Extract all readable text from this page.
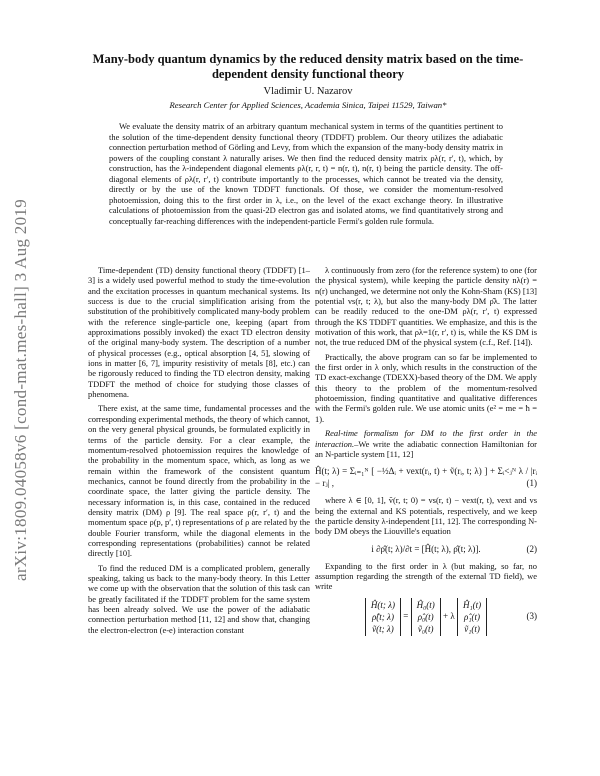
arXiv:1809.04058v6 [cond-mat.mes-hall] 3 Aug 2019
Many-body quantum dynamics by the reduced density matrix based on the time-dependent density functional theory
Vladimir U. Nazarov
Research Center for Applied Sciences, Academia Sinica, Taipei 11529, Taiwan*
We evaluate the density matrix of an arbitrary quantum mechanical system in terms of the quantities pertinent to the solution of the time-dependent density functional theory (TDDFT) problem. Our theory utilizes the adiabatic connection perturbation method of Görling and Levy, from which the expansion of the many-body density matrix in powers of the coupling constant λ naturally arises. We then find the reduced density matrix ρλ(r, r′, t), which, by construction, has the λ-independent diagonal elements ρλ(r, r, t) = n(r, t), n(r, t) being the particle density. The off-diagonal elements of ρλ(r, r′, t) contribute importantly to the processes, which cannot be treated via the density, directly or by the use of the known TDDFT functionals. Of those, we consider the momentum-resolved photoemission, doing this to the first order in λ, i.e., on the level of the exact exchange theory. In illustrative calculations of photoemission from the quasi-2D electron gas and isolated atoms, we find quantitatively strong and conceptually far-reaching differences with the independent-particle Fermi's golden rule formula.

Time-dependent (TD) density functional theory (TDDFT) [1–3] is a widely used powerful method to study the time-evolution and the excitation processes in quantum mechanical systems. Its success is due to the crucial simplification arising from the substitution of the prohibitively complicated many-body problem with the reference single-particle one, keeping (apart from approximations possibly invoked) the exact TD electron density of the original many-body system. The description of a number of physical processes (e.g., optical absorption [4, 5], slowing of ions in matter [6, 7], impurity resistivity of metals [8], etc.) can be rigorously reduced to finding the TD electron density, making TDDFT the method of choice for studying those classes of phenomena.

There exist, at the same time, fundamental processes and the corresponding experimental methods, the theory of which cannot, on the very general physical grounds, be formulated explicitly in terms of the particle density. For a clear example, the momentum-resolved photoemission requires the knowledge of the probability in the momentum space, which, as long as we remain within the framework of the consistent quantum mechanics, cannot be found directly from the probability in the coordinate space, the latter giving the particle density. The necessary information is, in this case, contained in the reduced density matrix (DM) ρ [9]. The real space ρ(r, r′, t) and the momentum space ρ(p, p′, t) representations of ρ are related by the double Fourier transform, while the diagonal elements in the corresponding representations (probabilities) cannot be related directly [10].

To find the reduced DM is a complicated problem, generally speaking, taking us back to the many-body theory. In this Letter we come up with the observation that the solution of this task can be greatly facilitated if the TDDFT problem for the same system has been already solved. We use the power of the adiabatic connection perturbation method [11, 12] and show that, changing the electron-electron (e-e) interaction constant

λ continuously from zero (for the reference system) to one (for the physical system), while keeping the particle density nλ(r) = n(r) unchanged, we determine not only the Kohn-Sham (KS) [13] potential vs(r, t; λ), but also the many-body DM ρ̂λ. The latter can be readily reduced to the one-DM ρλ(r, r′, t) expressed through the KS TDDFT quantities. We emphasize, and this is the motivation of this work, that ρλ=1(r, r′, t) is, while the KS DM is not, the true reduced DM of the physical system (c.f., Ref. [14]).

Practically, the above program can so far be implemented to the first order in λ only, which results in the construction of the TD exact-exchange (TDEXX)-based theory of the DM. We apply this theory to the problem of the momentum-resolved photoemission, finding quantitative and qualitative differences with the Fermi's golden rule. We use atomic units (e² = me = ħ = 1).

Real-time formalism for DM to the first order in the interaction.–We write the adiabatic connection Hamiltonian for an N-particle system [11, 12]

Ĥ(t; λ) = Σᵢ₌₁ᴺ [ −½Δᵢ + vext(rᵢ, t) + ṽ(rᵢ, t; λ) ] + Σᵢ<ⱼᴺ λ / |rᵢ − rⱼ| ,	(1)

where λ ∈ [0, 1], ṽ(r, t; 0) = vs(r, t) − vext(r, t), vext and vs being the external and KS potentials, respectively, and we keep the particle density λ-independent [11, 12]. The corresponding N-body DM obeys the Liouville's equation

i ∂ρ̂(t; λ)/∂t = [Ĥ(t; λ), ρ̂(t; λ)].	(2)

Expanding to the first order in λ (but making, so far, no assumption regarding the strength of the external TD field), we write

Ĥ(t; λ)
ρ̂(t; λ)
ṽ(t; λ) = Ĥ₀(t)
ρ̂₀(t)
ṽ₀(t) + λ Ĥ₁(t)
ρ̂₁(t)
ṽ₁(t)
(3)
